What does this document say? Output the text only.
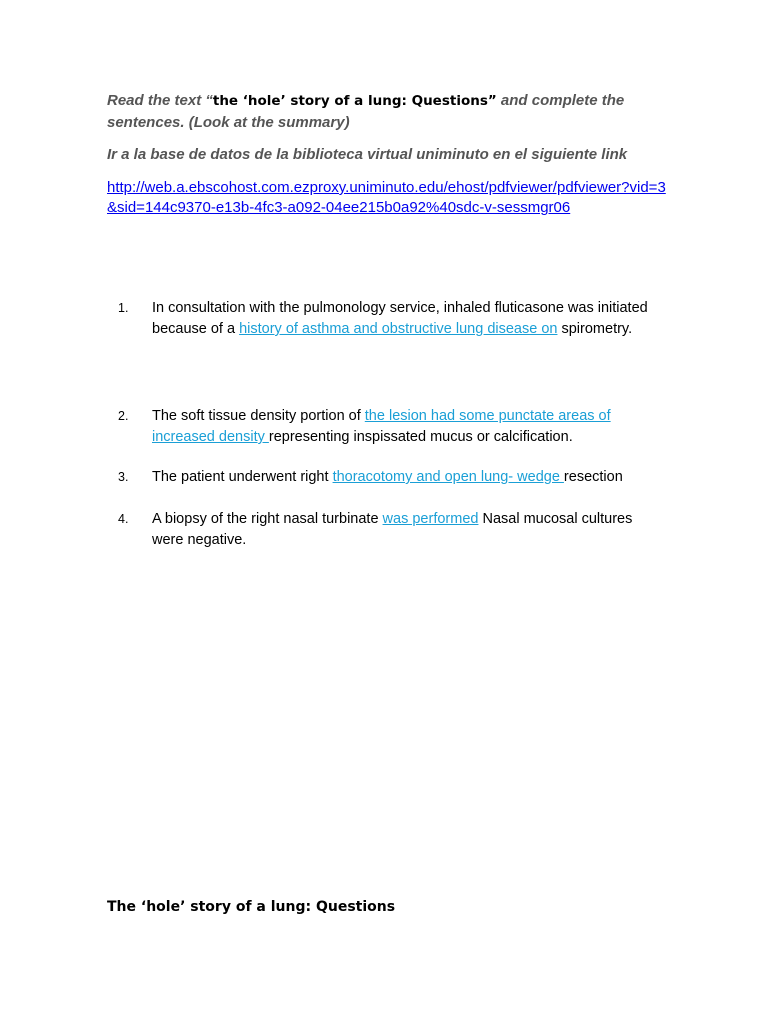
Read the text “the ‘hole’ story of a lung: Questions” and complete the sentences. (Look at the summary)
Ir a la base de datos de la biblioteca virtual uniminuto en el siguiente link
http://web.a.ebscohost.com.ezproxy.uniminuto.edu/ehost/pdfviewer/pdfviewer?vid=3&sid=144c9370-e13b-4fc3-a092-04ee215b0a92%40sdc-v-sessmgr06
1.	In consultation with the pulmonology service, inhaled fluticasone was initiated because of a history of asthma and obstructive lung disease on spirometry.
2.	The soft tissue density portion of the lesion had some punctate areas of increased density representing inspissated mucus or calcification.
3.	The patient underwent right thoracotomy and open lung- wedge resection
4.	A biopsy of the right nasal turbinate was performed Nasal mucosal cultures were negative.
The ‘hole’ story of a lung: Questions
